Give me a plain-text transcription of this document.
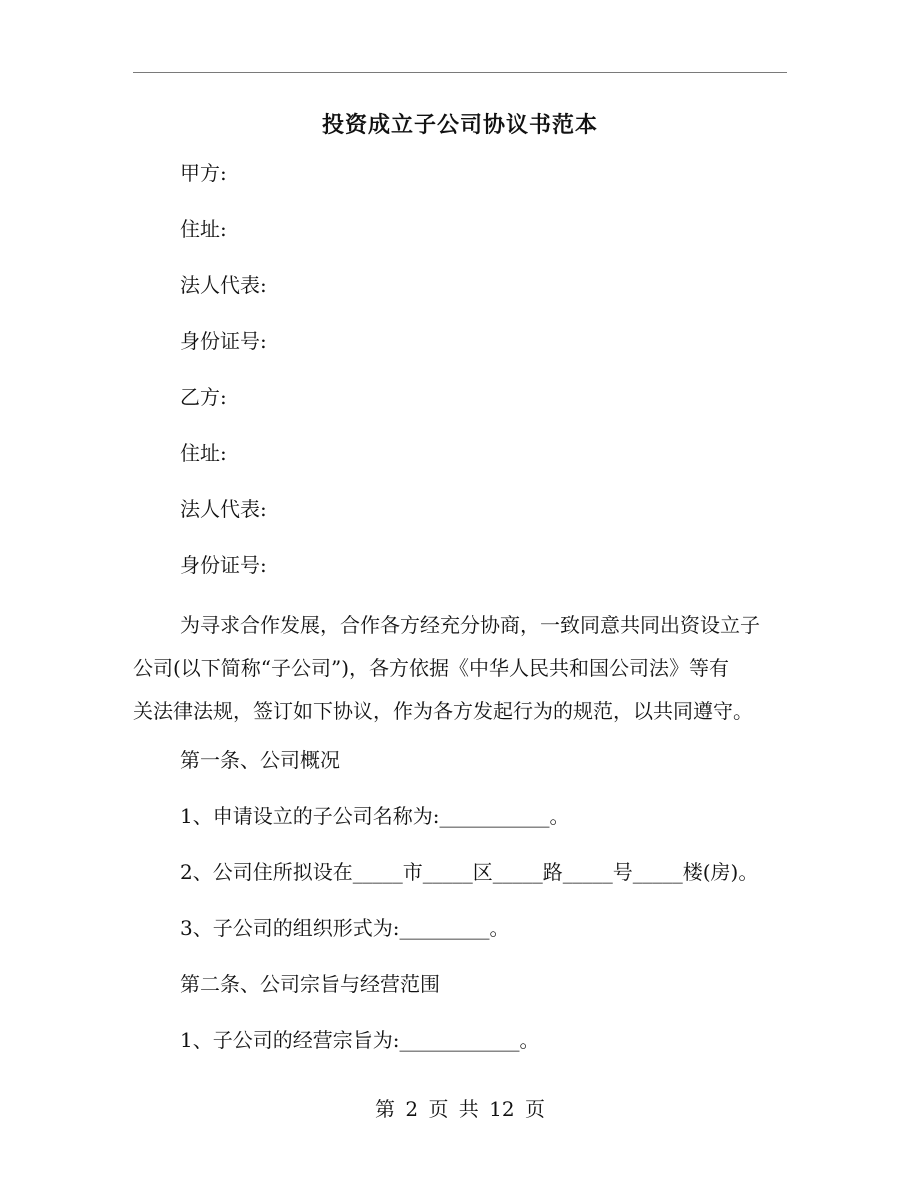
投资成立子公司协议书范本
甲方:
住址:
法人代表:
身份证号:
乙方:
住址:
法人代表:
身份证号:
为寻求合作发展，合作各方经充分协商，一致同意共同出资设立子
公司(以下简称“子公司”)，各方依据《中华人民共和国公司法》等有
关法律法规，签订如下协议，作为各方发起行为的规范，以共同遵守。
第一条、公司概况
1、申请设立的子公司名称为:___________。
2、公司住所拟设在_____市_____区_____路_____号_____楼(房)。
3、子公司的组织形式为:_________。
第二条、公司宗旨与经营范围
1、子公司的经营宗旨为:____________。
第 2 页 共 12 页
